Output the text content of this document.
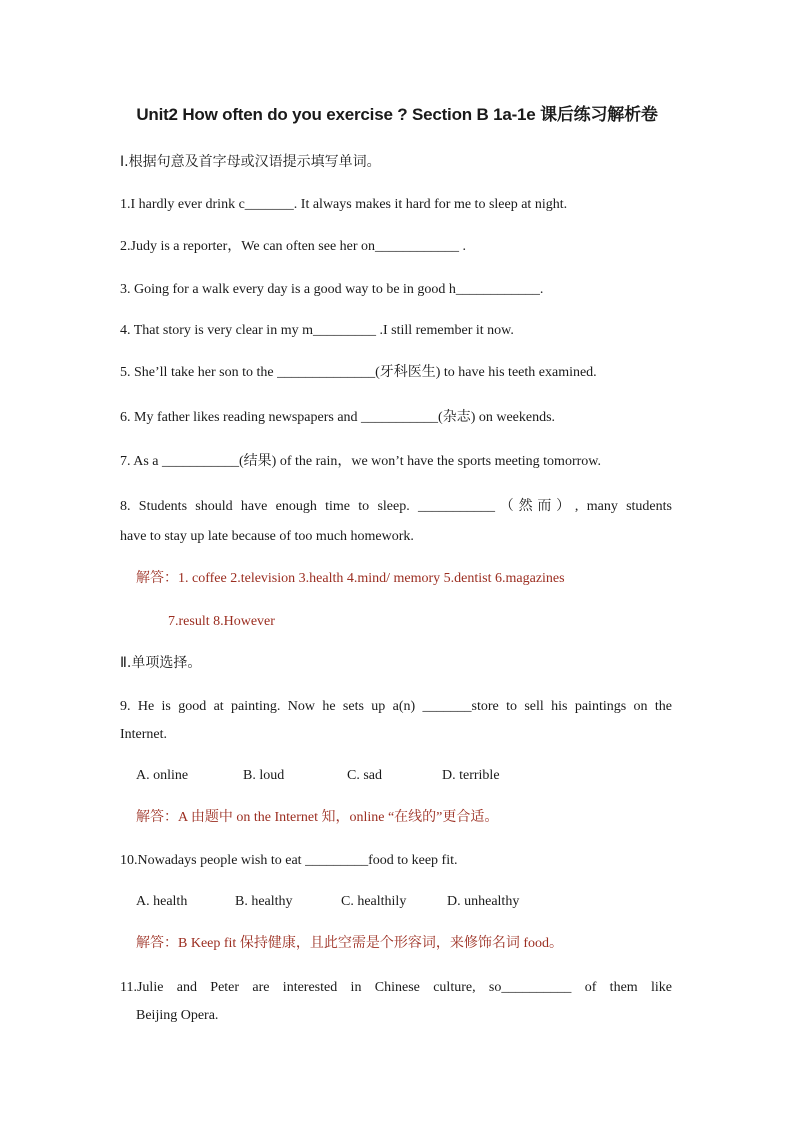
Unit2 How often do you exercise ? Section B 1a-1e 课后练习解析卷
Ⅰ.根据句意及首字母或汉语提示填写单词。
1.I hardly ever drink c_______. It always makes it hard for me to sleep at night.
2.Judy is a reporter，We can often see her on____________ .
3. Going for a walk every day is a good way to be in good h____________.
4. That story is very clear in my m_________ .I still remember it now.
5. She’ll take her son to the ______________(牙科医生) to have his teeth examined.
6. My father likes reading newspapers and ___________(杂志) on weekends.
7. As a ___________(结果) of the rain，we won’t have the sports meeting tomorrow.
8. Students should have enough time to sleep. ___________（然而）, many students
have to stay up late because of too much homework.
解答：1. coffee 2.television 3.health 4.mind/ memory 5.dentist 6.magazines
7.result 8.However
Ⅱ.单项选择。
9. He is good at painting. Now he sets up a(n) _______store to sell his paintings on the
Internet.
A. online	B. loud	C. sad	D. terrible
解答：A 由题中 on the Internet 知，online “在线的”更合适。
10.Nowadays people wish to eat _________food to keep fit.
A. health	B. healthy	C. healthily	D. unhealthy
解答：B Keep fit 保持健康，且此空需是个形容词，来修饰名词 food。
11.Julie and Peter are interested in Chinese culture, so__________ of them like
Beijing Opera.
